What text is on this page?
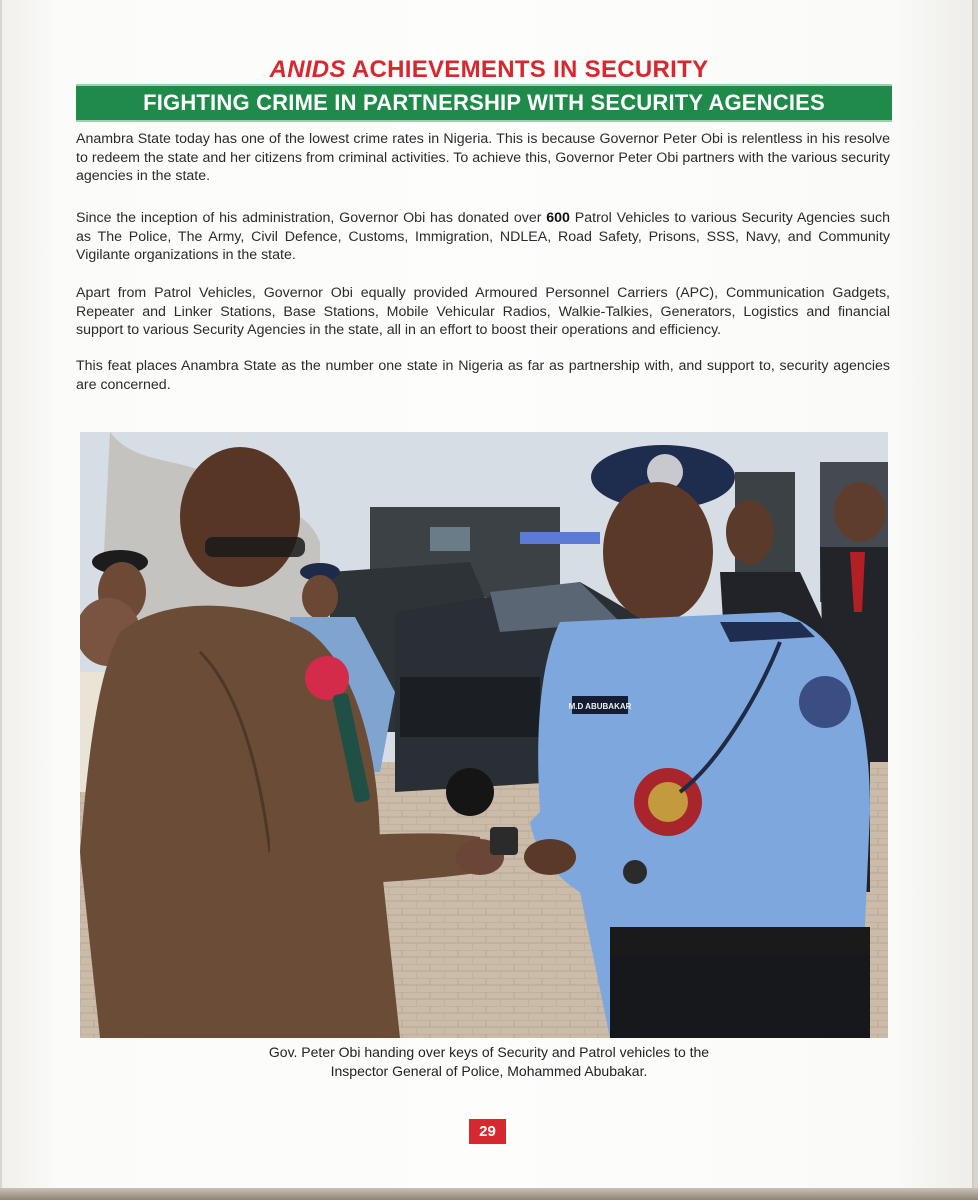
ANIDS ACHIEVEMENTS IN SECURITY
FIGHTING CRIME IN PARTNERSHIP WITH SECURITY AGENCIES

Anambra State today has one of the lowest crime rates in Nigeria. This is because Governor Peter Obi is relentless in his resolve to redeem the state and her citizens from criminal activities. To achieve this, Governor Peter Obi partners with the various security agencies in the state.

Since the inception of his administration, Governor Obi has donated over 600 Patrol Vehicles to various Security Agencies such as The Police, The Army, Civil Defence, Customs, Immigration, NDLEA, Road Safety, Prisons, SSS, Navy, and Community Vigilante organizations in the state.

Apart from Patrol Vehicles, Governor Obi equally provided Armoured Personnel Carriers (APC), Communication Gadgets, Repeater and Linker Stations, Base Stations, Mobile Vehicular Radios, Walkie-Talkies, Generators, Logistics and financial support to various Security Agencies in the state, all in an effort to boost their operations and efficiency.

This feat places Anambra State as the number one state in Nigeria as far as partnership with, and support to, security agencies are concerned.

M.D ABUBAKAR
Gov. Peter Obi handing over keys of Security and Patrol vehicles to the
Inspector General of Police, Mohammed Abubakar.
29
